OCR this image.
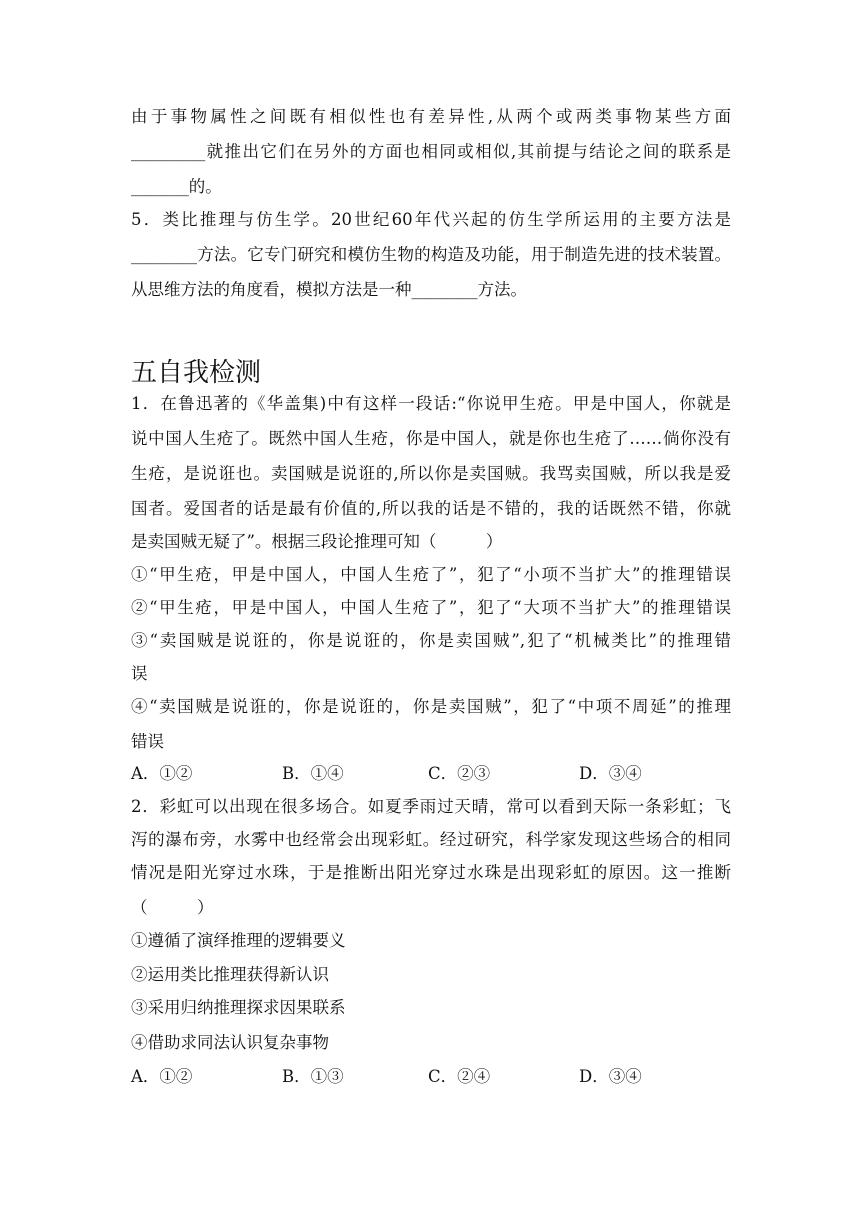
由于事物属性之间既有相似性也有差异性,从两个或两类事物某些方面
_________就推出它们在另外的方面也相同或相似,其前提与结论之间的联系是
_______的。
5．类比推理与仿生学。20世纪60年代兴起的仿生学所运用的主要方法是
________方法。它专门研究和模仿生物的构造及功能，用于制造先进的技术装置。
从思维方法的角度看，模拟方法是一种________方法。
五自我检测
1．在鲁迅著的《华盖集)中有这样一段话:“你说甲生疮。甲是中国人，你就是
说中国人生疮了。既然中国人生疮，你是中国人，就是你也生疮了……倘你没有
生疮，是说诳也。卖国贼是说诳的,所以你是卖国贼。我骂卖国贼，所以我是爱
国者。爱国者的话是最有价值的,所以我的话是不错的，我的话既然不错，你就
是卖国贼无疑了”。根据三段论推理可知（　　　）
①“甲生疮，甲是中国人，中国人生疮了”，犯了“小项不当扩大”的推理错误
②“甲生疮，甲是中国人，中国人生疮了”，犯了“大项不当扩大”的推理错误
③“卖国贼是说诳的，你是说诳的，你是卖国贼”,犯了“机械类比”的推理错
误
④“卖国贼是说诳的，你是说诳的，你是卖国贼”，犯了“中项不周延”的推理
错误
A．①②	B．①④	C．②③	D．③④
2．彩虹可以出现在很多场合。如夏季雨过天晴，常可以看到天际一条彩虹；飞
泻的瀑布旁，水雾中也经常会出现彩虹。经过研究，科学家发现这些场合的相同
情况是阳光穿过水珠，于是推断出阳光穿过水珠是出现彩虹的原因。这一推断
（　　　）
①遵循了演绎推理的逻辑要义
②运用类比推理获得新认识
③采用归纳推理探求因果联系
④借助求同法认识复杂事物
A．①②	B．①③	C．②④	D．③④
